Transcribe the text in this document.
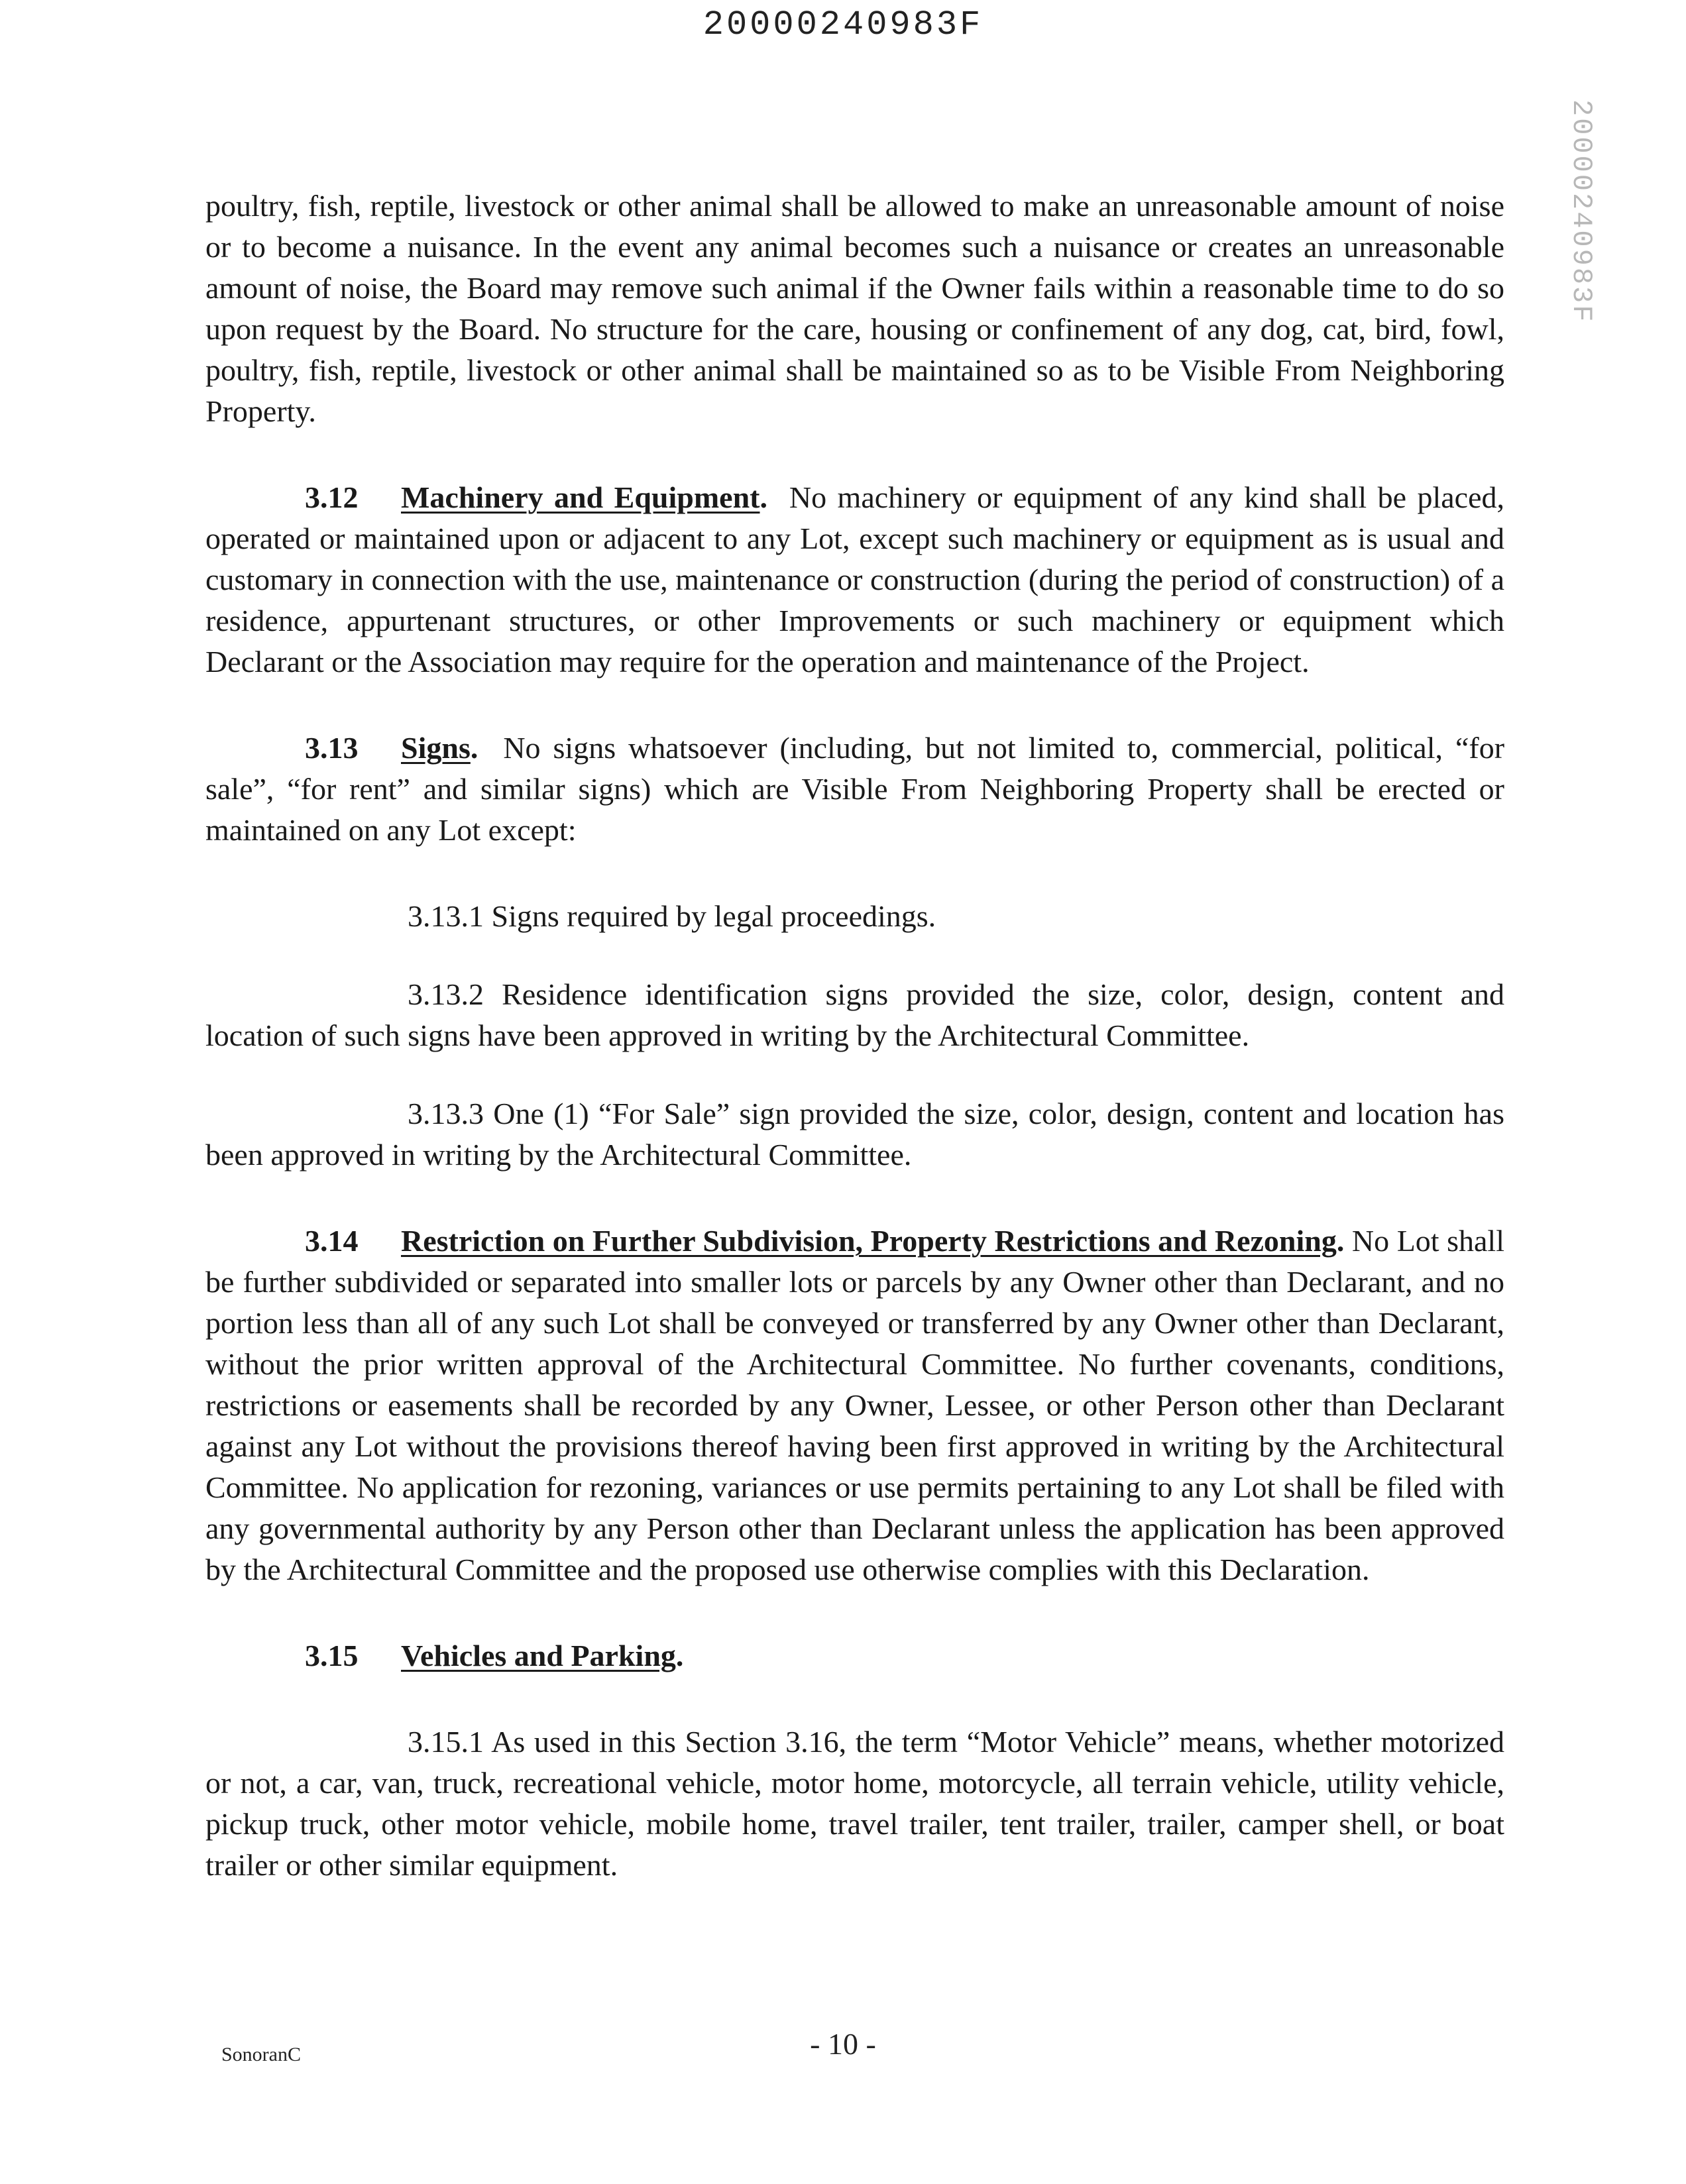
20000240983F
20000240983F

poultry, fish, reptile, livestock or other animal shall be allowed to make an unreasonable amount of noise or to become a nuisance. In the event any animal becomes such a nuisance or creates an unreasonable amount of noise, the Board may remove such animal if the Owner fails within a reasonable time to do so upon request by the Board. No structure for the care, housing or confinement of any dog, cat, bird, fowl, poultry, fish, reptile, livestock or other animal shall be maintained so as to be Visible From Neighboring Property.

3.12 Machinery and Equipment. No machinery or equipment of any kind shall be placed, operated or maintained upon or adjacent to any Lot, except such machinery or equipment as is usual and customary in connection with the use, maintenance or construction (during the period of construction) of a residence, appurtenant structures, or other Improvements or such machinery or equipment which Declarant or the Association may require for the operation and maintenance of the Project.

3.13 Signs. No signs whatsoever (including, but not limited to, commercial, political, “for sale”, “for rent” and similar signs) which are Visible From Neighboring Property shall be erected or maintained on any Lot except:

3.13.1 Signs required by legal proceedings.

3.13.2 Residence identification signs provided the size, color, design, content and location of such signs have been approved in writing by the Architectural Committee.

3.13.3 One (1) “For Sale” sign provided the size, color, design, content and location has been approved in writing by the Architectural Committee.

3.14 Restriction on Further Subdivision, Property Restrictions and Rezoning. No Lot shall be further subdivided or separated into smaller lots or parcels by any Owner other than Declarant, and no portion less than all of any such Lot shall be conveyed or transferred by any Owner other than Declarant, without the prior written approval of the Architectural Committee. No further covenants, conditions, restrictions or easements shall be recorded by any Owner, Lessee, or other Person other than Declarant against any Lot without the provisions thereof having been first approved in writing by the Architectural Committee. No application for rezoning, variances or use permits pertaining to any Lot shall be filed with any governmental authority by any Person other than Declarant unless the application has been approved by the Architectural Committee and the proposed use otherwise complies with this Declaration.

3.15 Vehicles and Parking.

3.15.1 As used in this Section 3.16, the term “Motor Vehicle” means, whether motorized or not, a car, van, truck, recreational vehicle, motor home, motorcycle, all terrain vehicle, utility vehicle, pickup truck, other motor vehicle, mobile home, travel trailer, tent trailer, trailer, camper shell, or boat trailer or other similar equipment.

SonoranC	- 10 -
